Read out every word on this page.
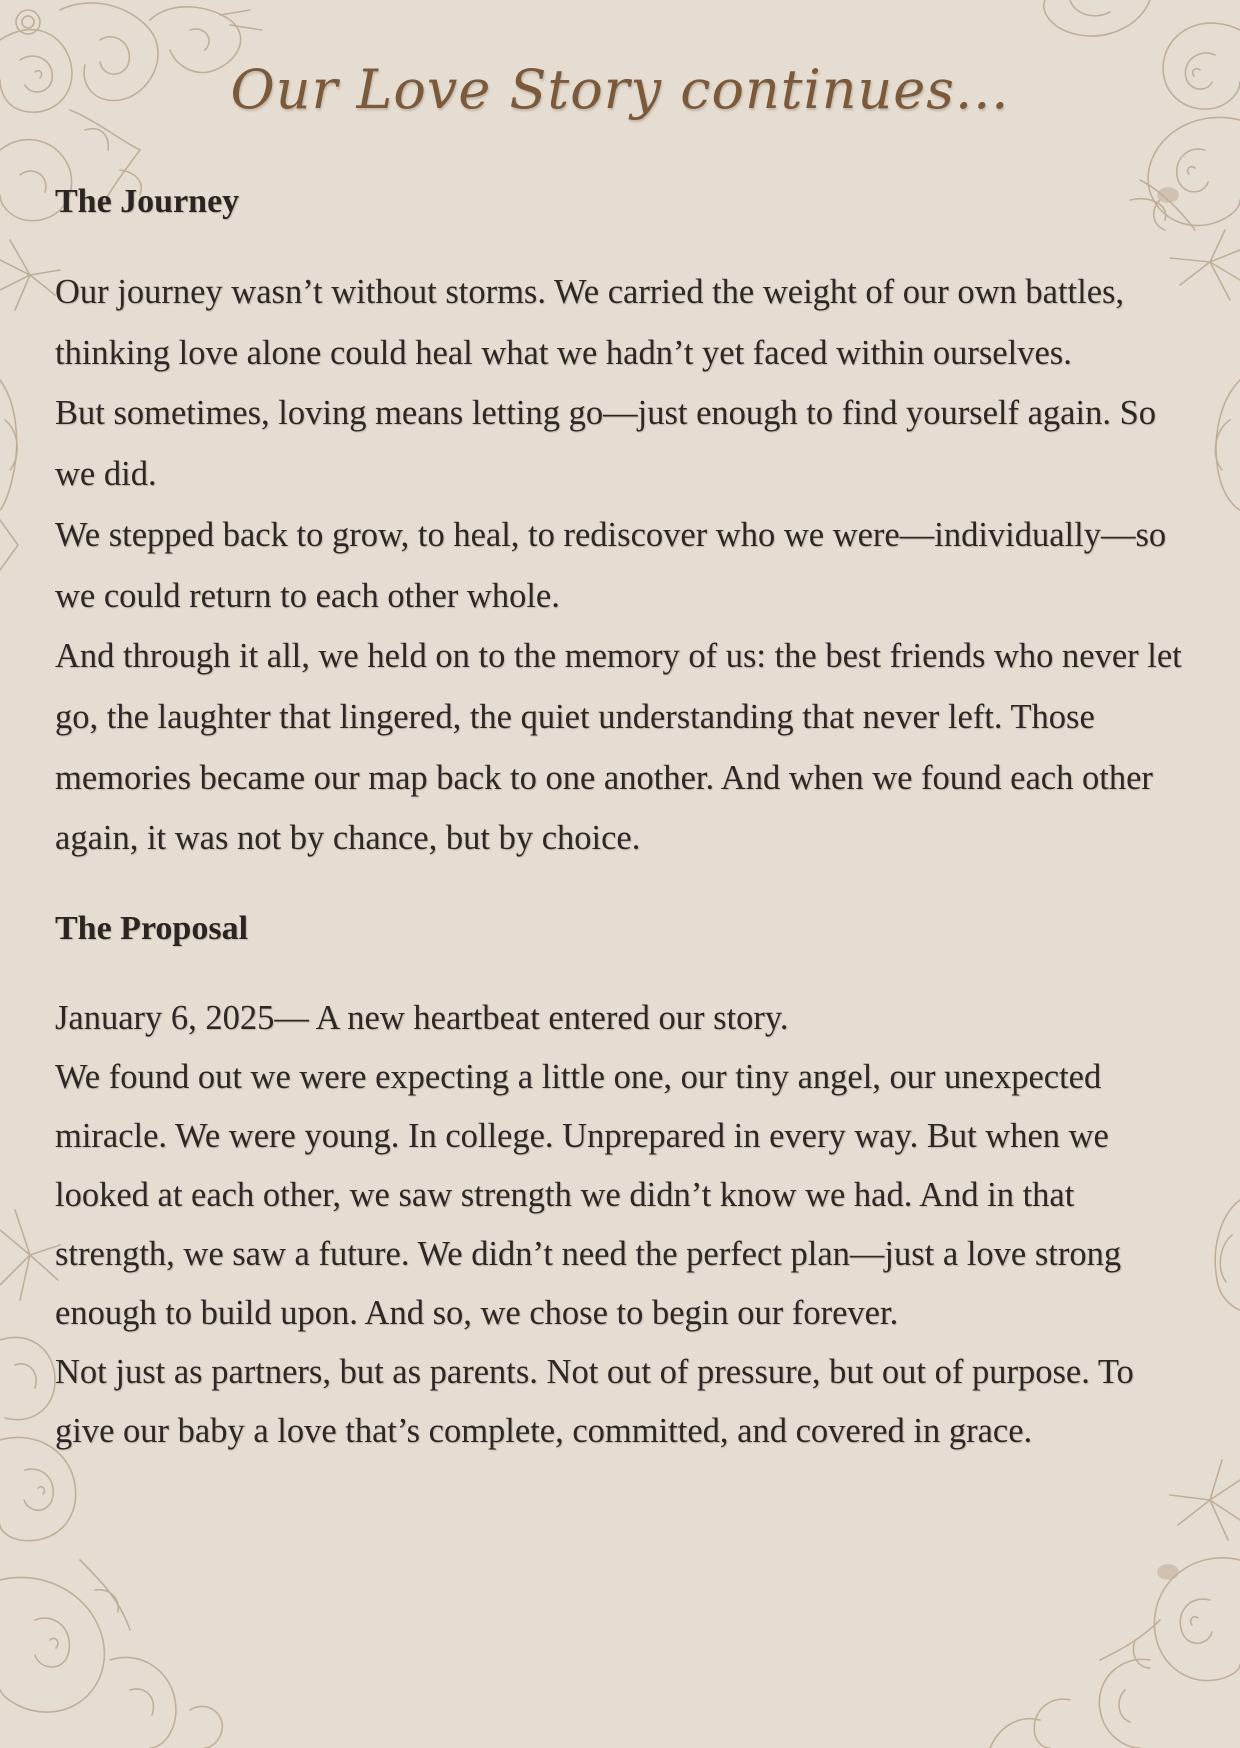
Our Love Story continues...
The Journey

Our journey wasn’t without storms. We carried the weight of our own battles, thinking love alone could heal what we hadn’t yet faced within ourselves.

But sometimes, loving means letting go—just enough to find yourself again. So we did.

We stepped back to grow, to heal, to rediscover who we were—individually—so we could return to each other whole.

And through it all, we held on to the memory of us: the best friends who never let go, the laughter that lingered, the quiet understanding that never left. Those memories became our map back to one another. And when we found each other again, it was not by chance, but by choice.

The Proposal

January 6, 2025— A new heartbeat entered our story.

We found out we were expecting a little one, our tiny angel, our unexpected miracle. We were young. In college. Unprepared in every way. But when we looked at each other, we saw strength we didn’t know we had. And in that strength, we saw a future. We didn’t need the perfect plan—just a love strong enough to build upon. And so, we chose to begin our forever.

Not just as partners, but as parents. Not out of pressure, but out of purpose. To give our baby a love that’s complete, committed, and covered in grace.
